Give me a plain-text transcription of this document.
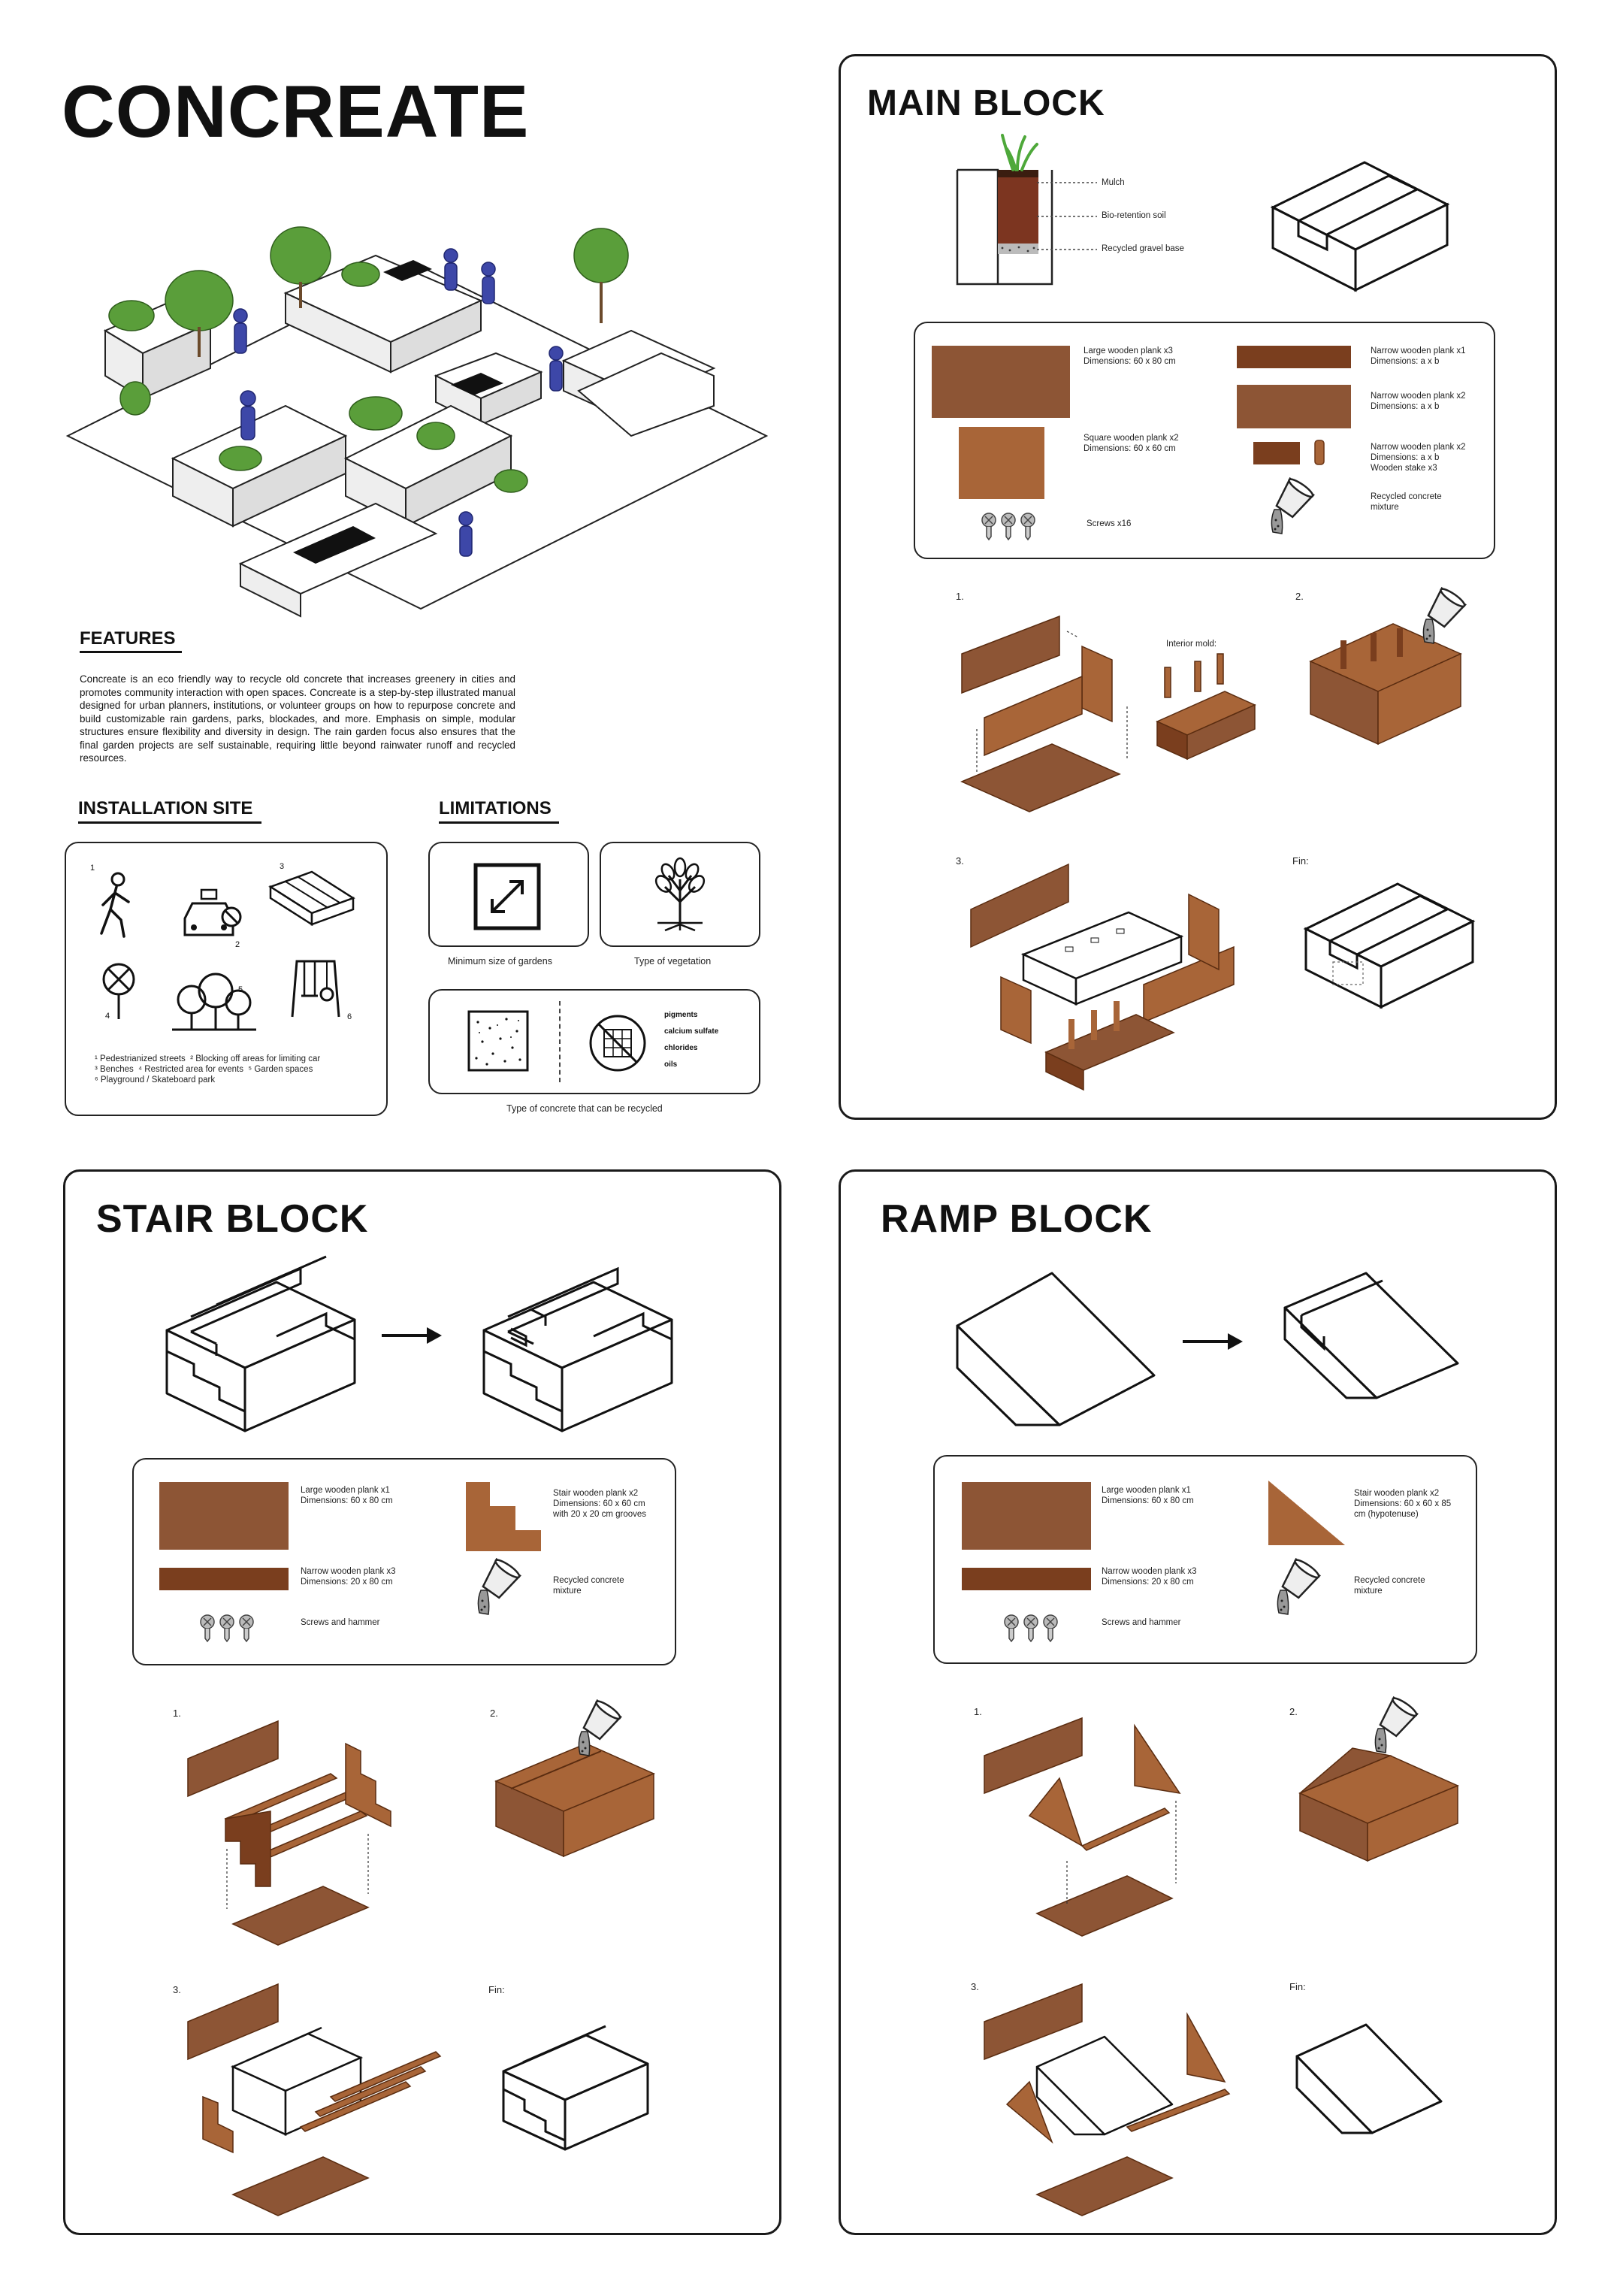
CONCREATE
FEATURES
Concreate is an eco friendly way to recycle old concrete that increases greenery in cities and promotes community interaction with open spaces. Concreate is a step-by-step illustrated manual designed for urban planners, institutions, or volunteer groups on how to repurpose concrete and build customizable rain gardens, parks, blockades, and more. Emphasis on simple, modular structures ensure flexibility and diversity in design. The rain garden focus also ensures that the final garden projects are self sustainable, requiring little beyond rainwater runoff and recycled resources.
INSTALLATION SITE
1
2
3
4
5
6
¹ Pedestrianized streets ² Blocking off areas for limiting car
³ Benches ⁴ Restricted area for events ⁵ Garden spaces
⁶ Playground / Skateboard park
LIMITATIONS
Minimum size of gardens	Type of vegetation
pigments
calcium sulfate
chlorides
oils
Type of concrete that can be recycled
MAIN BLOCK
Mulch
Bio-retention soil
Recycled gravel base
Large wooden plank x3
Dimensions: 60 x 80 cm
Square wooden plank x2
Dimensions: 60 x 60 cm
Screws x16
Narrow wooden plank x1
Dimensions: a x b
Narrow wooden plank x2
Dimensions: a x b
Narrow wooden plank x2
Dimensions: a x b
Wooden stake x3
Recycled concrete
mixture
1.	2.
3.	Fin:
Interior mold:
STAIR BLOCK
Large wooden plank x1
Dimensions: 60 x 80 cm
Narrow wooden plank x3
Dimensions: 20 x 80 cm
Screws and hammer
Stair wooden plank x2
Dimensions: 60 x 60 cm
with 20 x 20 cm grooves
Recycled concrete
mixture
1.	2.
3.	Fin:
RAMP BLOCK
Large wooden plank x1
Dimensions: 60 x 80 cm
Narrow wooden plank x3
Dimensions: 20 x 80 cm
Screws and hammer
Stair wooden plank x2
Dimensions: 60 x 60 x 85
cm (hypotenuse)
Recycled concrete
mixture
1.	2.
3.	Fin:
